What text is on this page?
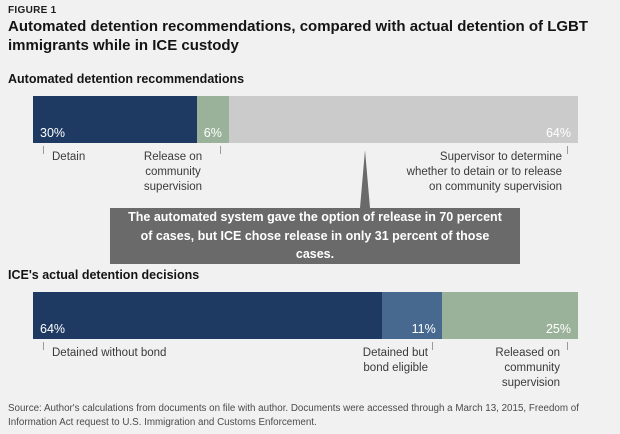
FIGURE 1
Automated detention recommendations, compared with actual detention of LGBT immigrants while in ICE custody
Automated detention recommendations
30%	6%	64%
Detain	Release on community supervision
Supervisor to determine whether to detain or to release on community supervision
The automated system gave the option of release in 70 percent of cases, but ICE chose release in only 31 percent of those cases.
ICE's actual detention decisions
64%	11%	25%
Detained without bond	Detained but bond eligible
Released on community supervision
Source: Author's calculations from documents on file with author. Documents were accessed through a March 13, 2015, Freedom of Information Act request to U.S. Immigration and Customs Enforcement.
